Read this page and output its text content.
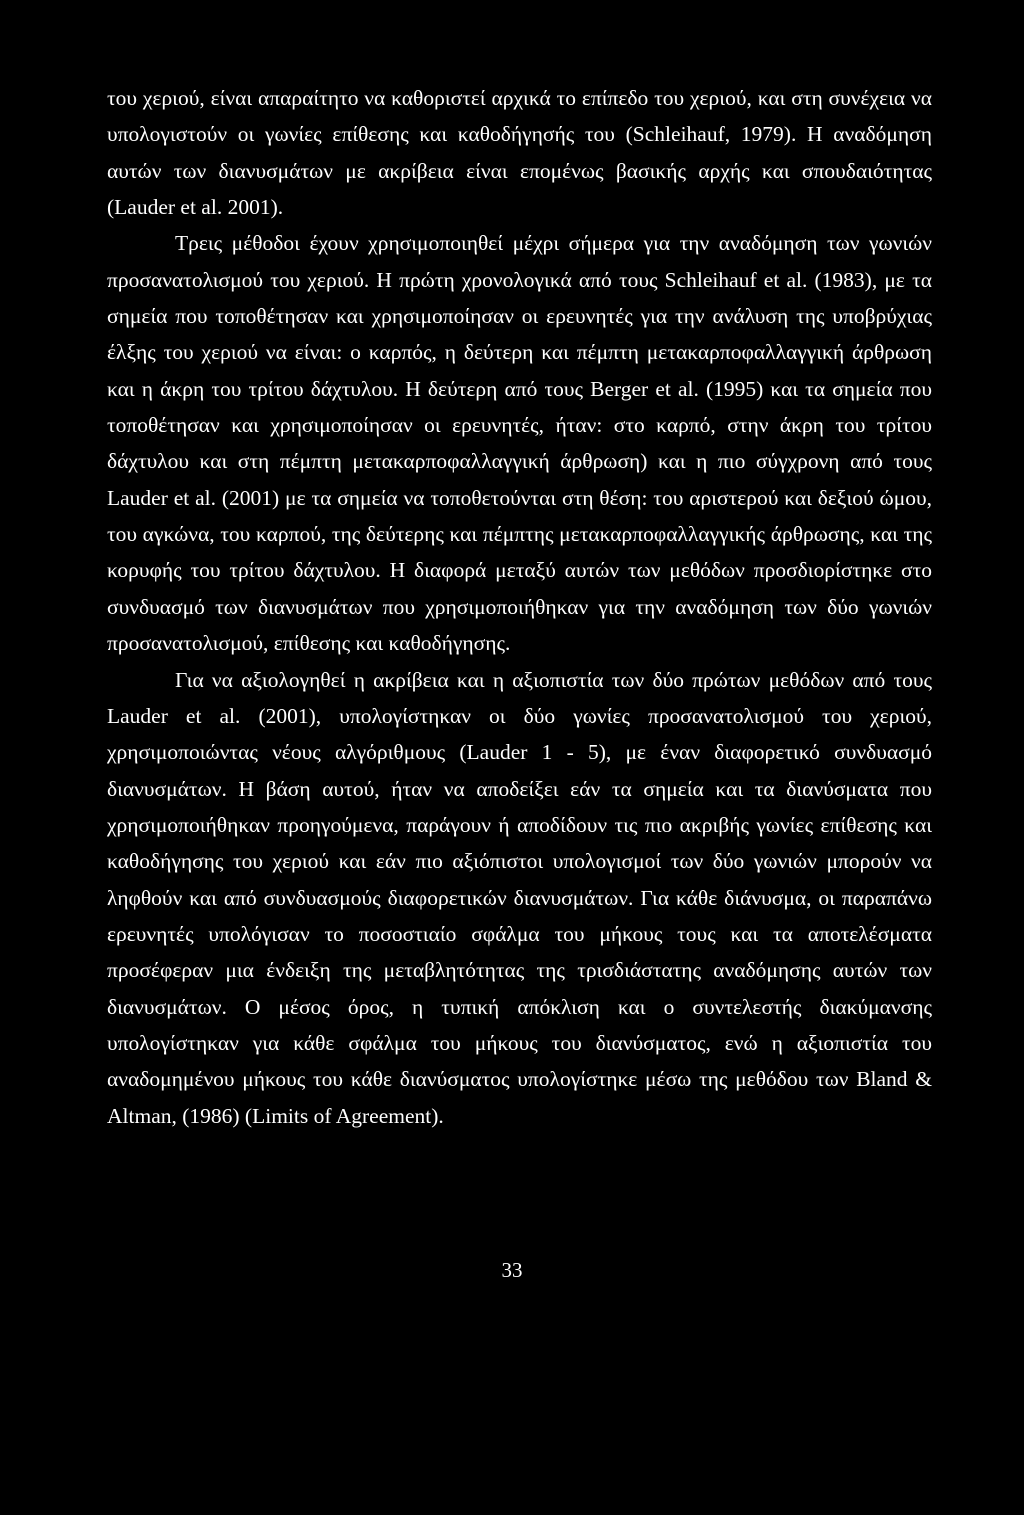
του χεριού, είναι απαραίτητο να καθοριστεί αρχικά το επίπεδο του χεριού, και στη συνέχεια να υπολογιστούν οι γωνίες επίθεσης και καθοδήγησής του (Schleihauf, 1979). Η αναδόμηση αυτών των διανυσμάτων με ακρίβεια είναι επομένως βασικής αρχής και σπουδαιότητας (Lauder et al. 2001).

Τρεις μέθοδοι έχουν χρησιμοποιηθεί μέχρι σήμερα για την αναδόμηση των γωνιών προσανατολισμού του χεριού. Η πρώτη χρονολογικά από τους Schleihauf et al. (1983), με τα σημεία που τοποθέτησαν και χρησιμοποίησαν οι ερευνητές για την ανάλυση της υποβρύχιας έλξης του χεριού να είναι: ο καρπός, η δεύτερη και πέμπτη μετακαρποφαλλαγγική άρθρωση και η άκρη του τρίτου δάχτυλου. Η δεύτερη από τους Berger et al. (1995) και τα σημεία που τοποθέτησαν και χρησιμοποίησαν οι ερευνητές, ήταν: στο καρπό, στην άκρη του τρίτου δάχτυλου και στη πέμπτη μετακαρποφαλλαγγική άρθρωση) και η πιο σύγχρονη από τους Lauder et al. (2001) με τα σημεία να τοποθετούνται στη θέση: του αριστερού και δεξιού ώμου, του αγκώνα, του καρπού, της δεύτερης και πέμπτης μετακαρποφαλλαγγικής άρθρωσης, και της κορυφής του τρίτου δάχτυλου. Η διαφορά μεταξύ αυτών των μεθόδων προσδιορίστηκε στο συνδυασμό των διανυσμάτων που χρησιμοποιήθηκαν για την αναδόμηση των δύο γωνιών προσανατολισμού, επίθεσης και καθοδήγησης.

Για να αξιολογηθεί η ακρίβεια και η αξιοπιστία των δύο πρώτων μεθόδων από τους Lauder et al. (2001), υπολογίστηκαν οι δύο γωνίες προσανατολισμού του χεριού, χρησιμοποιώντας νέους αλγόριθμους (Lauder 1 - 5), με έναν διαφορετικό συνδυασμό διανυσμάτων. Η βάση αυτού, ήταν να αποδείξει εάν τα σημεία και τα διανύσματα που χρησιμοποιήθηκαν προηγούμενα, παράγουν ή αποδίδουν τις πιο ακριβής γωνίες επίθεσης και καθοδήγησης του χεριού και εάν πιο αξιόπιστοι υπολογισμοί των δύο γωνιών μπορούν να ληφθούν και από συνδυασμούς διαφορετικών διανυσμάτων. Για κάθε διάνυσμα, οι παραπάνω ερευνητές υπολόγισαν το ποσοστιαίο σφάλμα του μήκους τους και τα αποτελέσματα προσέφεραν μια ένδειξη της μεταβλητότητας της τρισδιάστατης αναδόμησης αυτών των διανυσμάτων. Ο μέσος όρος, η τυπική απόκλιση και ο συντελεστής διακύμανσης υπολογίστηκαν για κάθε σφάλμα του μήκους του διανύσματος, ενώ η αξιοπιστία του αναδομημένου μήκους του κάθε διανύσματος υπολογίστηκε μέσω της μεθόδου των Bland & Altman, (1986) (Limits of Agreement).

33
